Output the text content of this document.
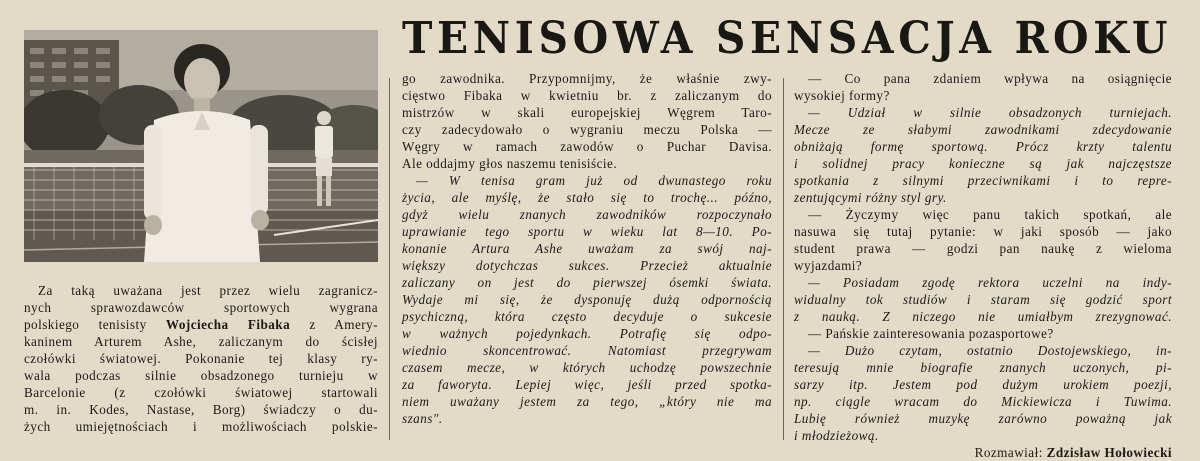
TENISOWA SENSACJA ROKU
Za taką uważana jest przez wielu zagranicz-
nych sprawozdawców sportowych wygrana
polskiego tenisisty Wojciecha Fibaka z Amery-
kaninem Arturem Ashe, zaliczanym do ścisłej
czołówki światowej. Pokonanie tej klasy ry-
wala podczas silnie obsadzonego turnieju w
Barcelonie (z czołówki światowej startowali
m. in. Kodes, Nastase, Borg) świadczy o du-
żych umiejętnościach i możliwościach polskie-
go zawodnika. Przypomnijmy, że właśnie zwy-
cięstwo Fibaka w kwietniu br. z zaliczanym do
mistrzów w skali europejskiej Węgrem Taro-
czy zadecydowało o wygraniu meczu Polska —
Węgry w ramach zawodów o Puchar Davisa.
Ale oddajmy głos naszemu tenisiście.
— W tenisa gram już od dwunastego roku
życia, ale myślę, że stało się to trochę... późno,
gdyż wielu znanych zawodników rozpoczynało
uprawianie tego sportu w wieku lat 8—10. Po-
konanie Artura Ashe uważam za swój naj-
większy dotychczas sukces. Przecież aktualnie
zaliczany on jest do pierwszej ósemki świata.
Wydaje mi się, że dysponuję dużą odpornością
psychiczną, która często decyduje o sukcesie
w ważnych pojedynkach. Potrafię się odpo-
wiednio skoncentrować. Natomiast przegrywam
czasem mecze, w których uchodzę powszechnie
za faworyta. Lepiej więc, jeśli przed spotka-
niem uważany jestem za tego, „który nie ma
szans".
— Co pana zdaniem wpływa na osiągnięcie
wysokiej formy?
— Udział w silnie obsadzonych turniejach.
Mecze ze słabymi zawodnikami zdecydowanie
obniżają formę sportową. Prócz krzty talentu
i solidnej pracy konieczne są jak najczęstsze
spotkania z silnymi przeciwnikami i to repre-
zentującymi różny styl gry.
— Życzymy więc panu takich spotkań, ale
nasuwa się tutaj pytanie: w jaki sposób — jako
student prawa — godzi pan naukę z wieloma
wyjazdami?
— Posiadam zgodę rektora uczelni na indy-
widualny tok studiów i staram się godzić sport
z nauką. Z niczego nie umiałbym zrezygnować.
— Pańskie zainteresowania pozasportowe?
— Dużo czytam, ostatnio Dostojewskiego, in-
teresują mnie biografie znanych uczonych, pi-
sarzy itp. Jestem pod dużym urokiem poezji,
np. ciągle wracam do Mickiewicza i Tuwima.
Lubię również muzykę zarówno poważną jak
i młodzieżową.
Rozmawiał: Zdzisław Hołowiecki
